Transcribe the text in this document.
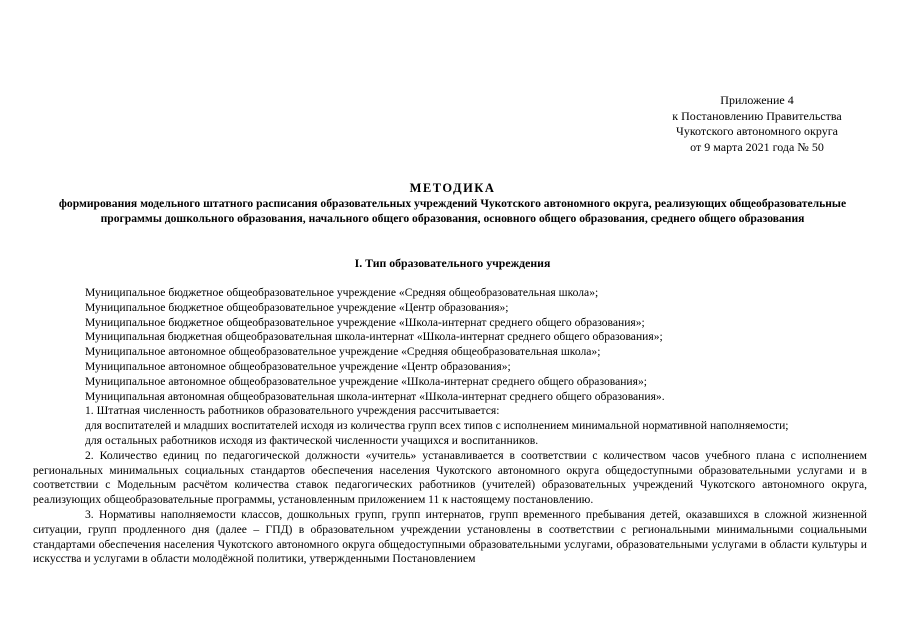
Приложение 4
к Постановлению Правительства
Чукотского автономного округа
от 9 марта 2021 года № 50
МЕТОДИКА
формирования модельного штатного расписания образовательных учреждений Чукотского автономного округа, реализующих общеобразовательные программы дошкольного образования, начального общего образования, основного общего образования, среднего общего образования
I. Тип образовательного учреждения

Муниципальное бюджетное общеобразовательное учреждение «Средняя общеобразовательная школа»;

Муниципальное бюджетное общеобразовательное учреждение «Центр образования»;

Муниципальное бюджетное общеобразовательное учреждение «Школа-интернат среднего общего образования»;

Муниципальная бюджетная общеобразовательная школа-интернат «Школа-интернат среднего общего образования»;

Муниципальное автономное общеобразовательное учреждение «Средняя общеобразовательная школа»;

Муниципальное автономное общеобразовательное учреждение «Центр образования»;

Муниципальное автономное общеобразовательное учреждение «Школа-интернат среднего общего образования»;

Муниципальная автономная общеобразовательная школа-интернат «Школа-интернат среднего общего образования».

1. Штатная численность работников образовательного учреждения рассчитывается:

для воспитателей и младших воспитателей исходя из количества групп всех типов с исполнением минимальной нормативной наполняемости;

для остальных работников исходя из фактической численности учащихся и воспитанников.

2. Количество единиц по педагогической должности «учитель» устанавливается в соответствии с количеством часов учебного плана с исполнением региональных минимальных социальных стандартов обеспечения населения Чукотского автономного округа общедоступными образовательными услугами и в соответствии с Модельным расчётом количества ставок педагогических работников (учителей) образовательных учреждений Чукотского автономного округа, реализующих общеобразовательные программы, установленным приложением 11 к настоящему постановлению.

3. Нормативы наполняемости классов, дошкольных групп, групп интернатов, групп временного пребывания детей, оказавшихся в сложной жизненной ситуации, групп продленного дня (далее – ГПД) в образовательном учреждении установлены в соответствии с региональными минимальными социальными стандартами обеспечения населения Чукотского автономного округа общедоступными образовательными услугами, образовательными услугами в области культуры и искусства и услугами в области молодёжной политики, утвержденными Постановлением
